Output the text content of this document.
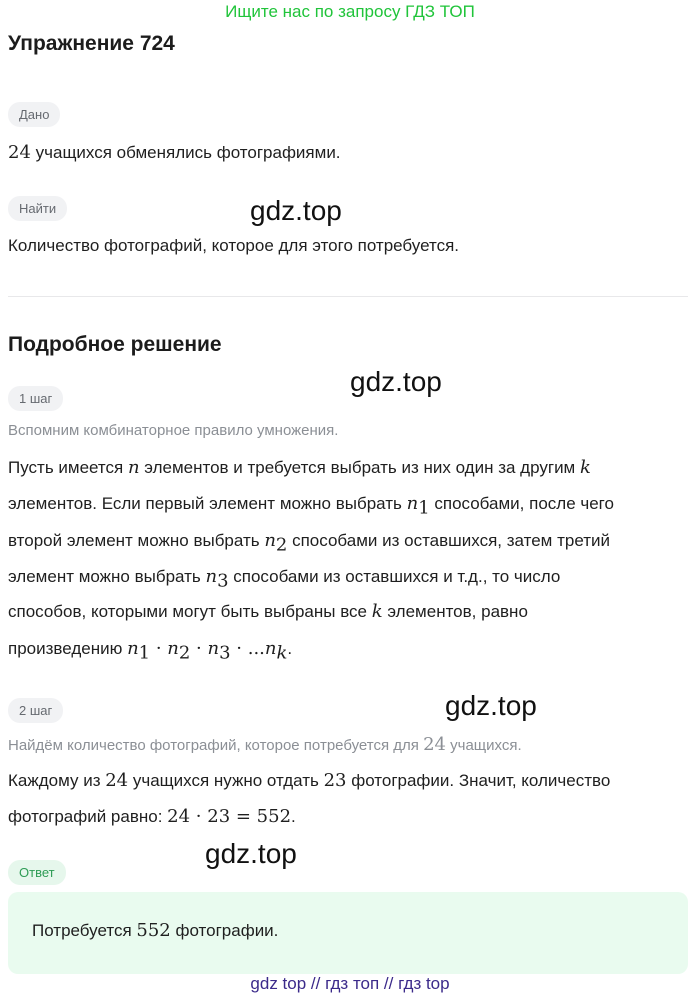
Ищите нас по запросу ГДЗ ТОП
Упражнение 724
Дано
24 учащихся обменялись фотографиями.
Найти	gdz.top
Количество фотографий, которое для этого потребуется.
Подробное решение
gdz.top
1 шаг
Вспомним комбинаторное правило умножения.
Пусть имеется n элементов и требуется выбрать из них один за другим k
элементов. Если первый элемент можно выбрать $n_1$ способами, после чего
второй элемент можно выбрать $n_2$ способами из оставшихся, затем третий
элемент можно выбрать $n_3$ способами из оставшихся и т.д., то число
способов, которыми могут быть выбраны все k элементов, равно
произведению $n_1 \cdot n_2 \cdot n_3 \cdot ...n_k$.
2 шаг	gdz.top
Найдём количество фотографий, которое потребуется для 24 учащихся.
Каждому из 24 учащихся нужно отдать 23 фотографии. Значит, количество
фотографий равно: 24 · 23 = 552.
Ответ
gdz.top
Потребуется 552 фотографии.
gdz top // гдз топ // гдз top
